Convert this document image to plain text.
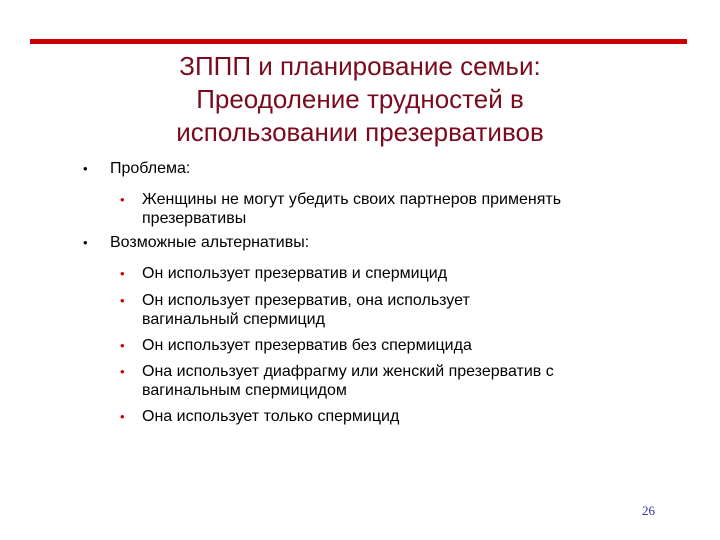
ЗППП и планирование семьи:
Преодоление трудностей в
использовании презервативов
•	Проблема:
• Женщины не могут убедить своих партнеров применять
презервативы
•	Возможные альтернативы:
• Он использует презерватив и спермицид
• Он использует презерватив, она использует
вагинальный спермицид
• Он использует презерватив без спермицида
• Она использует диафрагму или женский презерватив с
вагинальным спермицидом
• Она использует только спермицид
26
